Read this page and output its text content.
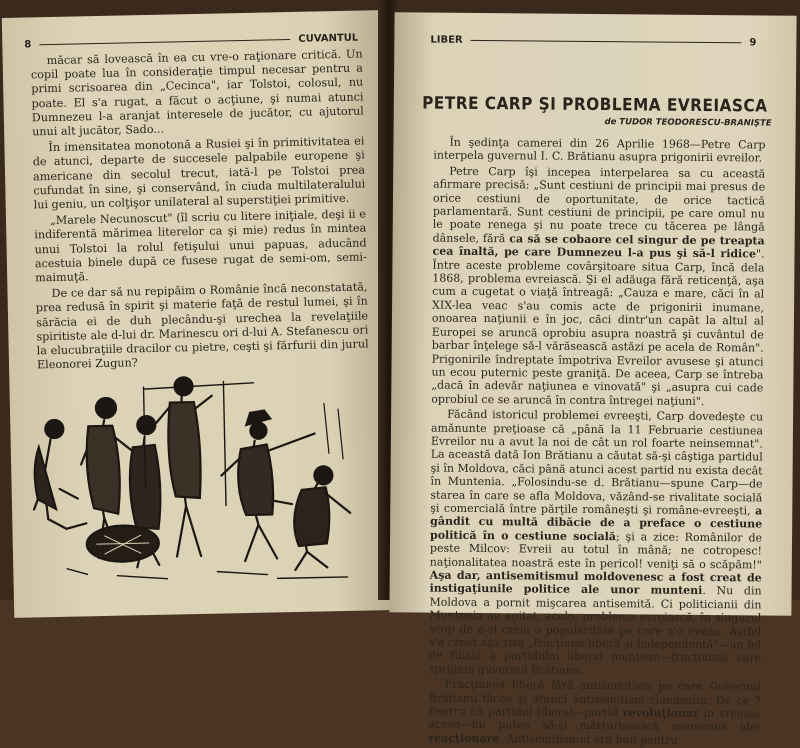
8
CUVANTUL

măcar să lovească în ea cu vre-o raţionare critică. Un copil poate lua în consideraţie timpul necesar pentru a primi scrisoarea din „Cecinca", iar Tolstoi, colosul, nu poate. El s'a rugat, a făcut o acţiune, şi numai atunci Dumnezeu l-a aranjat interesele de jucător, cu ajutorul unui alt jucător, Sado...

În imensitatea monotonă a Rusiei şi în primitivitatea ei de atunci, departe de succesele palpabile europene şi americane din secolul trecut, iată-l pe Tolstoi prea cufundat în sine, şi conservând, în ciuda multilateralului lui geniu, un colţişor unilateral al superstiţiei primitive.

„Marele Necunoscut" (îl scriu cu litere iniţiale, deşi ii e indiferentă mărimea literelor ca şi mie) redus în mintea unui Tolstoi la rolul fetişului unui papuas, aducând acestuia binele după ce fusese rugat de semi-om, semi-maimuţă.

De ce dar să nu repipăim o Românie încă neconstatată, prea redusă în spirit şi materie faţă de restul lumei, şi în sărăcia ei de duh plecându-şi urechea la revelaţiile spiritiste ale d-lui dr. Marinescu ori d-lui A. Stefanescu ori la elucubraţiile dracilor cu pietre, ceşti şi fărfurii din jurul Eleonorei Zugun?

LIBER	9
PETRE CARP ŞI PROBLEMA EVREIASCA
de TUDOR TEODORESCU-BRANIŞTE

În şedinţa camerei din 26 Aprilie 1968—Petre Carp interpela guvernul I. C. Brătianu asupra prigonirii evreilor.

Petre Carp îşi incepea interpelarea sa cu această afirmare precisă: „Sunt cestiuni de principii mai presus de orice cestiuni de oportunitate, de orice tactică parlamentară. Sunt cestiuni de principii, pe care omul nu le poate renega şi nu poate trece cu tăcerea pe lângă dânsele, fără ca să se cobaore cel singur de pe treapta cea înaltă, pe care Dumnezeu l-a pus şi să-l ridice". Între aceste probleme covârşitoare situa Carp, încă dela 1868, problema evreiască. Şi el adăuga fără reticenţă, aşa cum a cugetat o viaţă întreagă: „Cauza e mare, căci în al XIX-lea veac s'au comis acte de prigonirii inumane, onoarea naţiunii e în joc, căci dintr'un capăt la altul al Europei se aruncă oprobiu asupra noastră şi cuvântul de barbar înţelege să-l vărăsească astăzi pe acela de Român". Prigonirile îndreptate împotriva Evreilor avusese şi atunci un ecou puternic peste graniţă. De aceea, Carp se întreba „dacă în adevăr naţiunea e vinovată" şi „asupra cui cade oprobiul ce se aruncă în contra întregei naţiuni".

Făcând istoricul problemei evreeşti, Carp dovedeşte cu amănunte preţioase că „până la 11 Februarie cestiunea Evreilor nu a avut la noi de cât un rol foarte neinsemnat". La această dată Ion Brătianu a căutat să-şi câştiga partidul şi în Moldova, căci până atunci acest partid nu exista decât în Muntenia. „Folosindu-se d. Brătianu—spune Carp—de starea în care se afla Moldova, văzând-se rivalitate socială şi comercială între părţile româneşti şi române-evreeşti, a gândit cu multă dibăcie de a preface o cestiune politică în o cestiune socială; şi a zice: Românilor de peste Milcov: Evreii au totul în mână; ne cotropesc! naţionalitatea noastră este în pericol! veniţi să o scăpăm!" Aşa dar, antisemitismul moldovenesc a fost creat de instigaţiunile politice ale unor munteni. Nu din Moldova a pornit mişcarea antisemită. Ci politicianii din Muntenia au agitat, acolo, problema evreiască, în singurul scop de a-şi creia o popularitate pe care n'o aveau. Astfel s'a creat aşa zisa „fracţiune liberă şi independentă"—un fel de filială a partidului liberal muntean—fracţiunea care sprijinia guvernul Brătianu.

Fracţiunea liberă fără antisemitism pe care Guvernul Brătianu făcea şi atunci antisemitism clandestin. De ce ? Pentru că partidul liberal—partid revoluţionar în vremea aceea—nu putea să-şi mărturisească asemenea idei reacţionare. Antisemitismul era bun pentru
